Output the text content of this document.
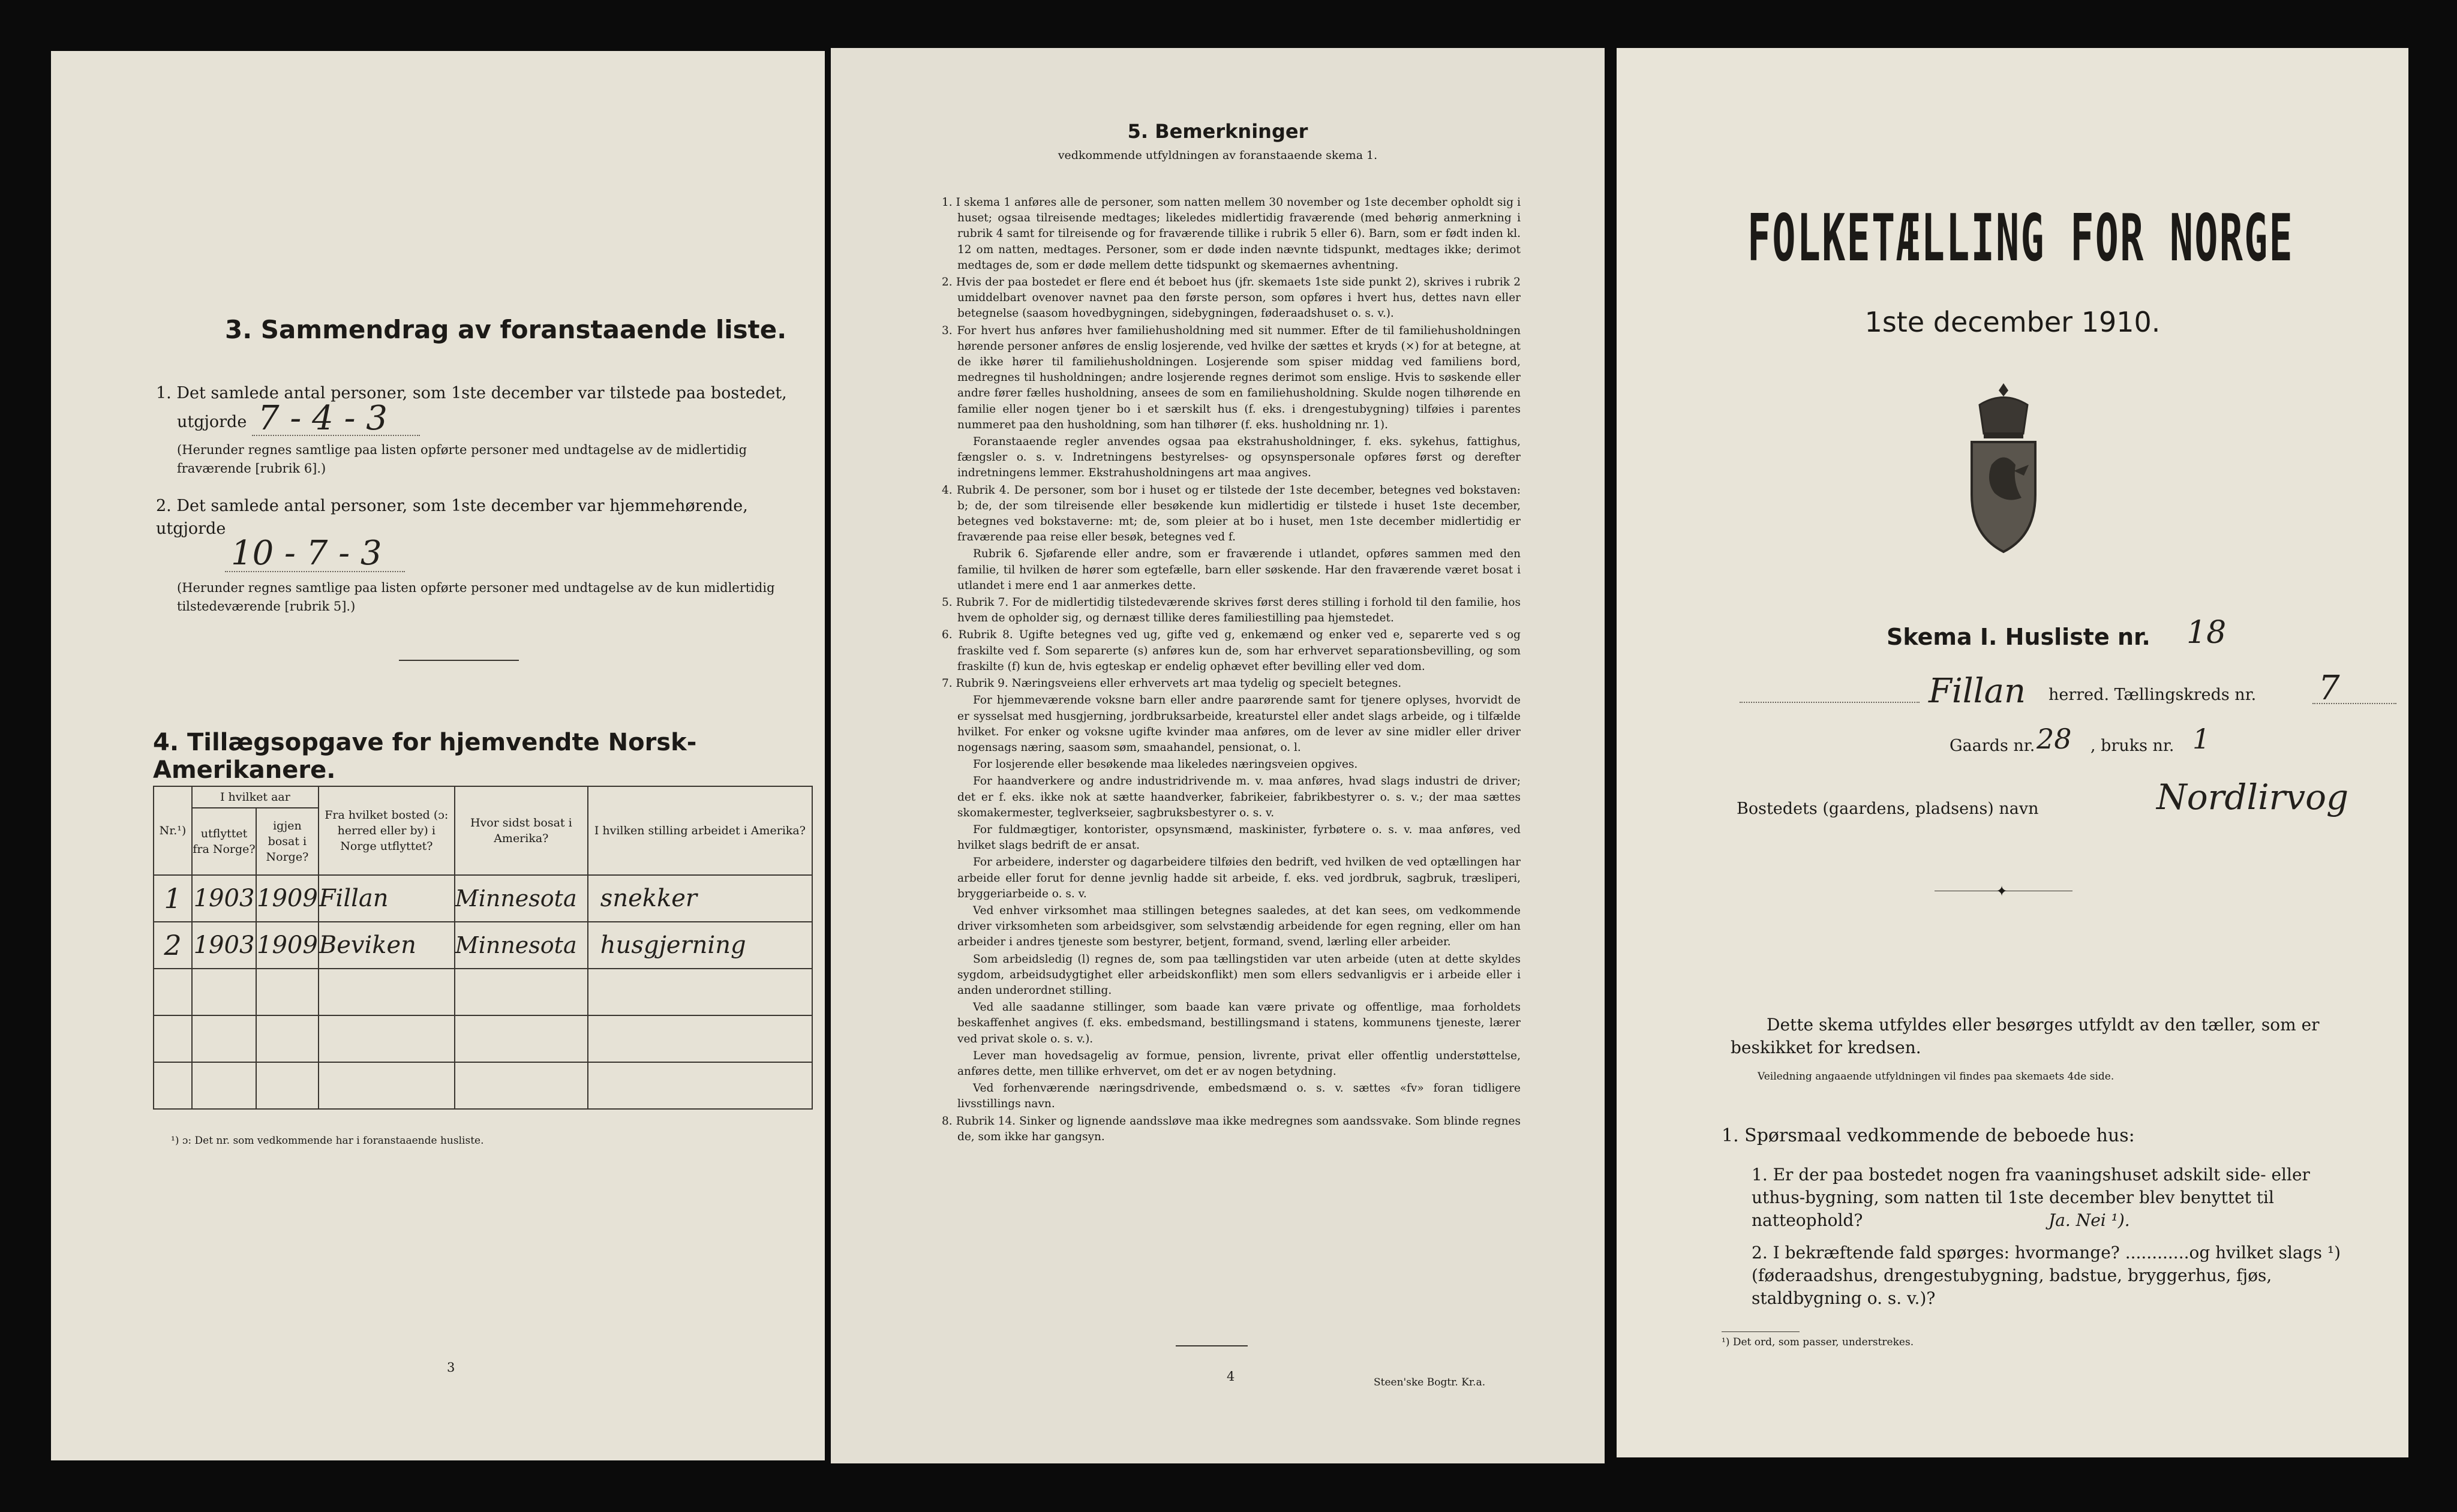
3. Sammendrag av foranstaaende liste.
1. Det samlede antal personer, som 1ste december var tilstede paa bostedet,
utgjorde 7 - 4 - 3
(Herunder regnes samtlige paa listen opførte personer med undtagelse av de midlertidig fraværende [rubrik 6].)
2. Det samlede antal personer, som 1ste december var hjemmehørende, utgjorde
10 - 7 - 3
(Herunder regnes samtlige paa listen opførte personer med undtagelse av de kun midlertidig tilstedeværende [rubrik 5].)
4. Tillægsopgave for hjemvendte Norsk-Amerikanere.
Nr.¹)	I hvilket aar		Fra hvilket bosted (ɔ: herred eller by) i Norge utflyttet?	Hvor sidst bosat i Amerika?	I hvilken stilling arbeidet i Amerika?
	utflyttet fra Norge?	igjen bosat i Norge?			
1	1903	1909	Fillan	Minnesota	snekker
2	1903	1909	Beviken	Minnesota	husgjerning

¹) ɔ: Det nr. som vedkommende har i foranstaaende husliste.
3
5. Bemerkninger
vedkommende utfyldningen av foranstaaende skema 1.

1. I skema 1 anføres alle de personer, som natten mellem 30 november og 1ste december opholdt sig i huset; ogsaa tilreisende medtages; likeledes midlertidig fraværende (med behørig anmerkning i rubrik 4 samt for tilreisende og for fraværende tillike i rubrik 5 eller 6). Barn, som er født inden kl. 12 om natten, medtages. Personer, som er døde inden nævnte tidspunkt, medtages ikke; derimot medtages de, som er døde mellem dette tidspunkt og skemaernes avhentning.

2. Hvis der paa bostedet er flere end ét beboet hus (jfr. skemaets 1ste side punkt 2), skrives i rubrik 2 umiddelbart ovenover navnet paa den første person, som opføres i hvert hus, dettes navn eller betegnelse (saasom hovedbygningen, sidebygningen, føderaadshuset o. s. v.).

3. For hvert hus anføres hver familiehusholdning med sit nummer. Efter de til familiehusholdningen hørende personer anføres de enslig losjerende, ved hvilke der sættes et kryds (×) for at betegne, at de ikke hører til familiehusholdningen. Losjerende som spiser middag ved familiens bord, medregnes til husholdningen; andre losjerende regnes derimot som enslige. Hvis to søskende eller andre fører fælles husholdning, ansees de som en familiehusholdning. Skulde nogen tilhørende en familie eller nogen tjener bo i et særskilt hus (f. eks. i drengestubygning) tilføies i parentes nummeret paa den husholdning, som han tilhører (f. eks. husholdning nr. 1).

Foranstaaende regler anvendes ogsaa paa ekstrahusholdninger, f. eks. sykehus, fattighus, fængsler o. s. v. Indretningens bestyrelses- og opsynspersonale opføres først og derefter indretningens lemmer. Ekstrahusholdningens art maa angives.

4. Rubrik 4. De personer, som bor i huset og er tilstede der 1ste december, betegnes ved bokstaven: b; de, der som tilreisende eller besøkende kun midlertidig er tilstede i huset 1ste december, betegnes ved bokstaverne: mt; de, som pleier at bo i huset, men 1ste december midlertidig er fraværende paa reise eller besøk, betegnes ved f.

Rubrik 6. Sjøfarende eller andre, som er fraværende i utlandet, opføres sammen med den familie, til hvilken de hører som egtefælle, barn eller søskende. Har den fraværende været bosat i utlandet i mere end 1 aar anmerkes dette.

5. Rubrik 7. For de midlertidig tilstedeværende skrives først deres stilling i forhold til den familie, hos hvem de opholder sig, og dernæst tillike deres familiestilling paa hjemstedet.

6. Rubrik 8. Ugifte betegnes ved ug, gifte ved g, enkemænd og enker ved e, separerte ved s og fraskilte ved f. Som separerte (s) anføres kun de, som har erhvervet separationsbevilling, og som fraskilte (f) kun de, hvis egteskap er endelig ophævet efter bevilling eller ved dom.

7. Rubrik 9. Næringsveiens eller erhvervets art maa tydelig og specielt betegnes.

For hjemmeværende voksne barn eller andre paarørende samt for tjenere oplyses, hvorvidt de er sysselsat med husgjerning, jordbruksarbeide, kreaturstel eller andet slags arbeide, og i tilfælde hvilket. For enker og voksne ugifte kvinder maa anføres, om de lever av sine midler eller driver nogensags næring, saasom søm, smaahandel, pensionat, o. l.

For losjerende eller besøkende maa likeledes næringsveien opgives.

For haandverkere og andre industridrivende m. v. maa anføres, hvad slags industri de driver; det er f. eks. ikke nok at sætte haandverker, fabrikeier, fabrikbestyrer o. s. v.; der maa sættes skomakermester, teglverkseier, sagbruksbestyrer o. s. v.

For fuldmægtiger, kontorister, opsynsmænd, maskinister, fyrbøtere o. s. v. maa anføres, ved hvilket slags bedrift de er ansat.

For arbeidere, inderster og dagarbeidere tilføies den bedrift, ved hvilken de ved optællingen har arbeide eller forut for denne jevnlig hadde sit arbeide, f. eks. ved jordbruk, sagbruk, træsliperi, bryggeriarbeide o. s. v.

Ved enhver virksomhet maa stillingen betegnes saaledes, at det kan sees, om vedkommende driver virksomheten som arbeidsgiver, som selvstændig arbeidende for egen regning, eller om han arbeider i andres tjeneste som bestyrer, betjent, formand, svend, lærling eller arbeider.

Som arbeidsledig (l) regnes de, som paa tællingstiden var uten arbeide (uten at dette skyldes sygdom, arbeidsudygtighet eller arbeidskonflikt) men som ellers sedvanligvis er i arbeide eller i anden underordnet stilling.

Ved alle saadanne stillinger, som baade kan være private og offentlige, maa forholdets beskaffenhet angives (f. eks. embedsmand, bestillingsmand i statens, kommunens tjeneste, lærer ved privat skole o. s. v.).

Lever man hovedsagelig av formue, pension, livrente, privat eller offentlig understøttelse, anføres dette, men tillike erhvervet, om det er av nogen betydning.

Ved forhenværende næringsdrivende, embedsmænd o. s. v. sættes «fv» foran tidligere livsstillings navn.

8. Rubrik 14. Sinker og lignende aandssløve maa ikke medregnes som aandssvake. Som blinde regnes de, som ikke har gangsyn.

4	Steen'ske Bogtr. Kr.a.
FOLKETÆLLING FOR NORGE
1ste december 1910.
Skema I. Husliste nr. 18
Fillan herred. Tællingskreds nr. 7
Gaards nr. 28 , bruks nr. 1
Bostedets (gaardens, pladsens) navn	Nordlirvog
✦
Dette skema utfyldes eller besørges utfyldt av den tæller, som er beskikket for kredsen.
Veiledning angaaende utfyldningen vil findes paa skemaets 4de side.
1. Spørsmaal vedkommende de beboede hus:
1. Er der paa bostedet nogen fra vaaningshuset adskilt side- eller uthus-bygning, som natten til 1ste december blev benyttet til natteophold?	Ja. Nei ¹).
2. I bekræftende fald spørges: hvormange? ............og hvilket slags ¹) (føderaadshus, drengestubygning, badstue, bryggerhus, fjøs, staldbygning o. s. v.)?
¹) Det ord, som passer, understrekes.
